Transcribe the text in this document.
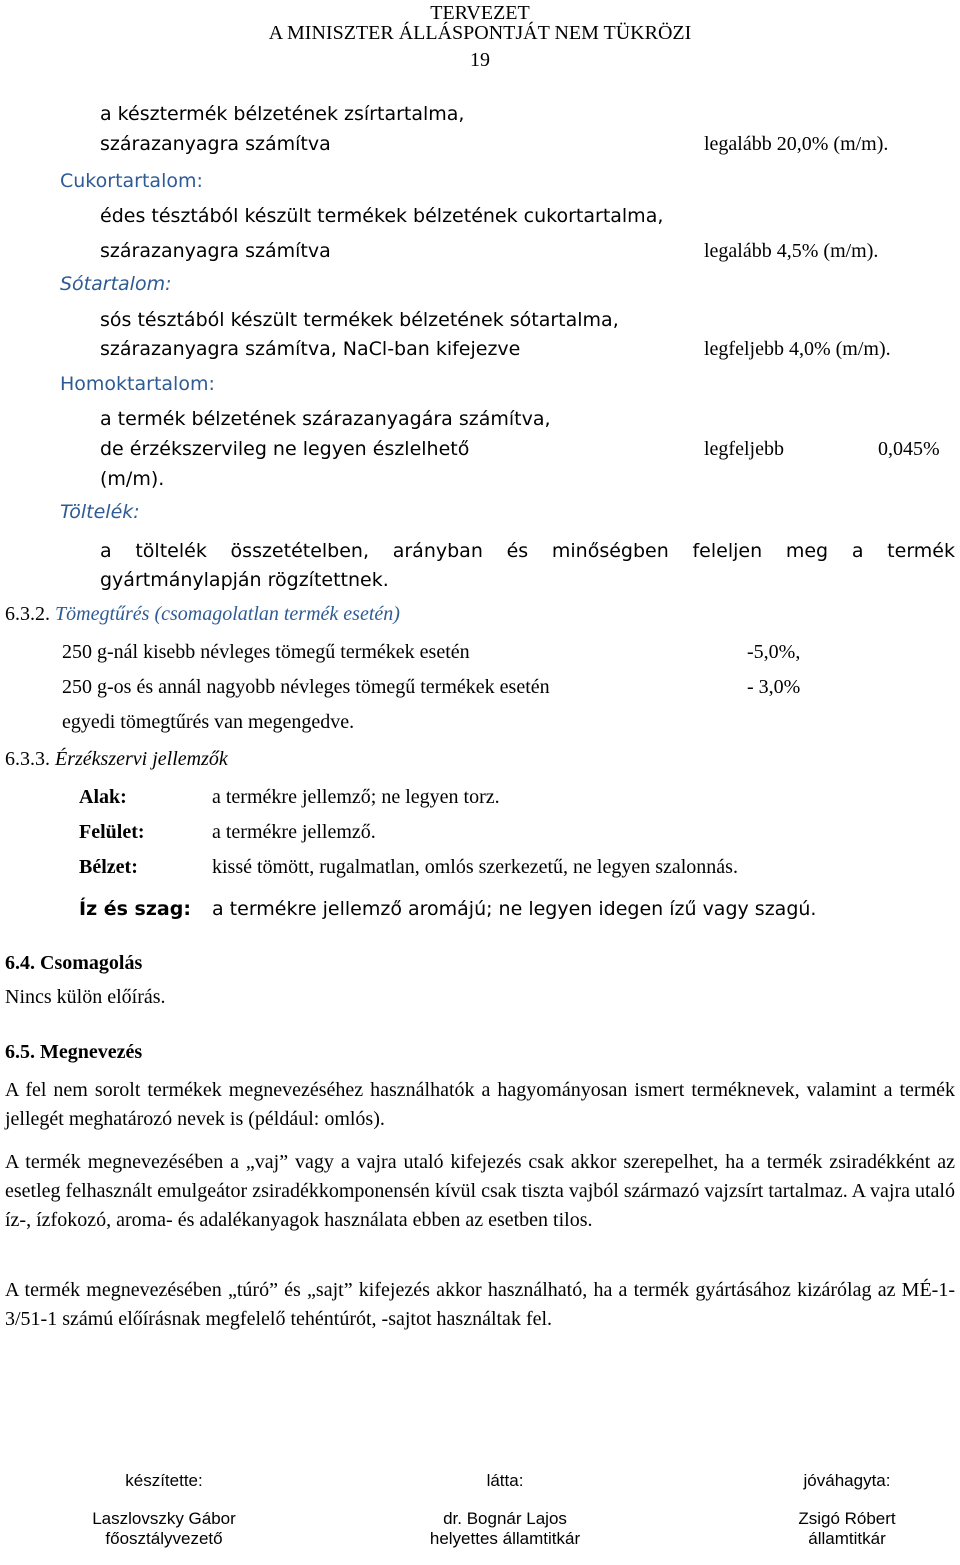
TERVEZET
A MINISZTER ÁLLÁSPONTJÁT NEM TÜKRÖZI
19
a késztermék bélzetének zsírtartalma,
szárazanyagra számítva	legalább 20,0% (m/m).
Cukortartalom:
édes tésztából készült termékek bélzetének cukortartalma,
szárazanyagra számítva	legalább 4,5% (m/m).
Sótartalom:
sós tésztából készült termékek bélzetének sótartalma,
szárazanyagra számítva, NaCl-ban kifejezve	legfeljebb 4,0% (m/m).
Homoktartalom:
a termék bélzetének szárazanyagára számítva,
de érzékszervileg ne legyen észlelhető	legfeljebb	0,045%
(m/m).
Töltelék:
a töltelék összetételben, arányban és minőségben feleljen meg a termék gyártmánylapján rögzítettnek.
6.3.2. Tömegtűrés (csomagolatlan termék esetén)
250 g-nál kisebb névleges tömegű termékek esetén	-5,0%,
250 g-os és annál nagyobb névleges tömegű termékek esetén	- 3,0%
egyedi tömegtűrés van megengedve.
6.3.3. Érzékszervi jellemzők
Alak:	a termékre jellemző; ne legyen torz.
Felület:	a termékre jellemző.
Bélzet:	kissé tömött, rugalmatlan, omlós szerkezetű, ne legyen szalonnás.
Íz és szag: a termékre jellemző aromájú; ne legyen idegen ízű vagy szagú.
6.4. Csomagolás
Nincs külön előírás.
6.5. Megnevezés
A fel nem sorolt termékek megnevezéséhez használhatók a hagyományosan ismert terméknevek, valamint a termék jellegét meghatározó nevek is (például: omlós).
A termék megnevezésében a „vaj” vagy a vajra utaló kifejezés csak akkor szerepelhet, ha a termék zsiradékként az esetleg felhasznált emulgeátor zsiradékkomponensén kívül csak tiszta vajból származó vajzsírt tartalmaz. A vajra utaló íz-, ízfokozó, aroma- és adalékanyagok használata ebben az esetben tilos.
A termék megnevezésében „túró” és „sajt” kifejezés akkor használható, ha a termék gyártásához kizárólag az MÉ-1-3/51-1 számú előírásnak megfelelő tehéntúrót, -sajtot használtak fel.
készítette:
Laszlovszky Gábor
főosztályvezető
látta:
dr. Bognár Lajos
helyettes államtitkár
jóváhagyta:
Zsigó Róbert
államtitkár
